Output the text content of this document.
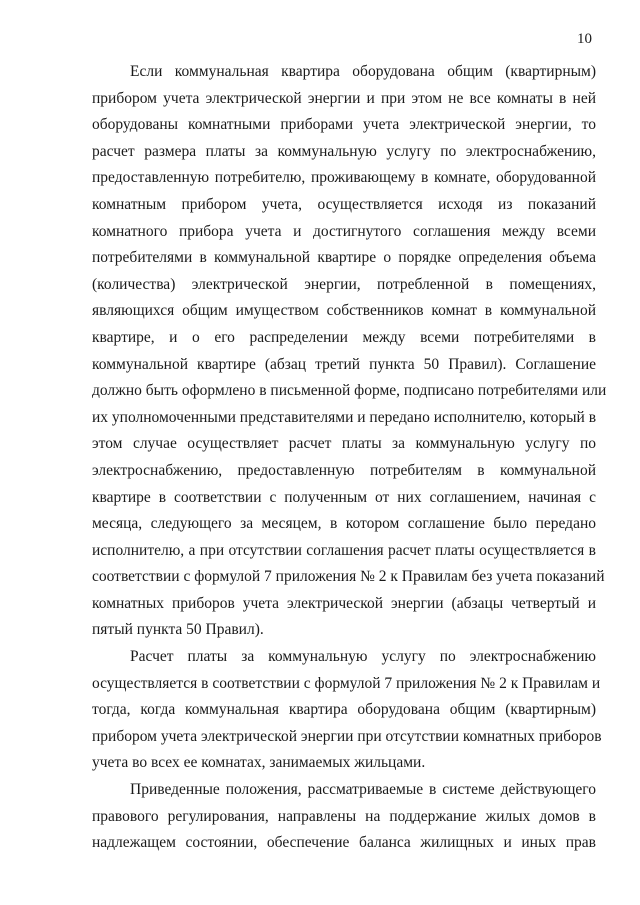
10
Если коммунальная квартира оборудована общим (квартирным)
прибором учета электрической энергии и при этом не все комнаты в ней
оборудованы комнатными приборами учета электрической энергии, то
расчет размера платы за коммунальную услугу по электроснабжению,
предоставленную потребителю, проживающему в комнате, оборудованной
комнатным прибором учета, осуществляется исходя из показаний
комнатного прибора учета и достигнутого соглашения между всеми
потребителями в коммунальной квартире о порядке определения объема
(количества) электрической энергии, потребленной в помещениях,
являющихся общим имуществом собственников комнат в коммунальной
квартире, и о его распределении между всеми потребителями в
коммунальной квартире (абзац третий пункта 50 Правил). Соглашение
должно быть оформлено в письменной форме, подписано потребителями или
их уполномоченными представителями и передано исполнителю, который в
этом случае осуществляет расчет платы за коммунальную услугу по
электроснабжению, предоставленную потребителям в коммунальной
квартире в соответствии с полученным от них соглашением, начиная с
месяца, следующего за месяцем, в котором соглашение было передано
исполнителю, а при отсутствии соглашения расчет платы осуществляется в
соответствии с формулой 7 приложения № 2 к Правилам без учета показаний
комнатных приборов учета электрической энергии (абзацы четвертый и
пятый пункта 50 Правил).
Расчет платы за коммунальную услугу по электроснабжению
осуществляется в соответствии с формулой 7 приложения № 2 к Правилам и
тогда, когда коммунальная квартира оборудована общим (квартирным)
прибором учета электрической энергии при отсутствии комнатных приборов
учета во всех ее комнатах, занимаемых жильцами.
Приведенные положения, рассматриваемые в системе действующего
правового регулирования, направлены на поддержание жилых домов в
надлежащем состоянии, обеспечение баланса жилищных и иных прав
